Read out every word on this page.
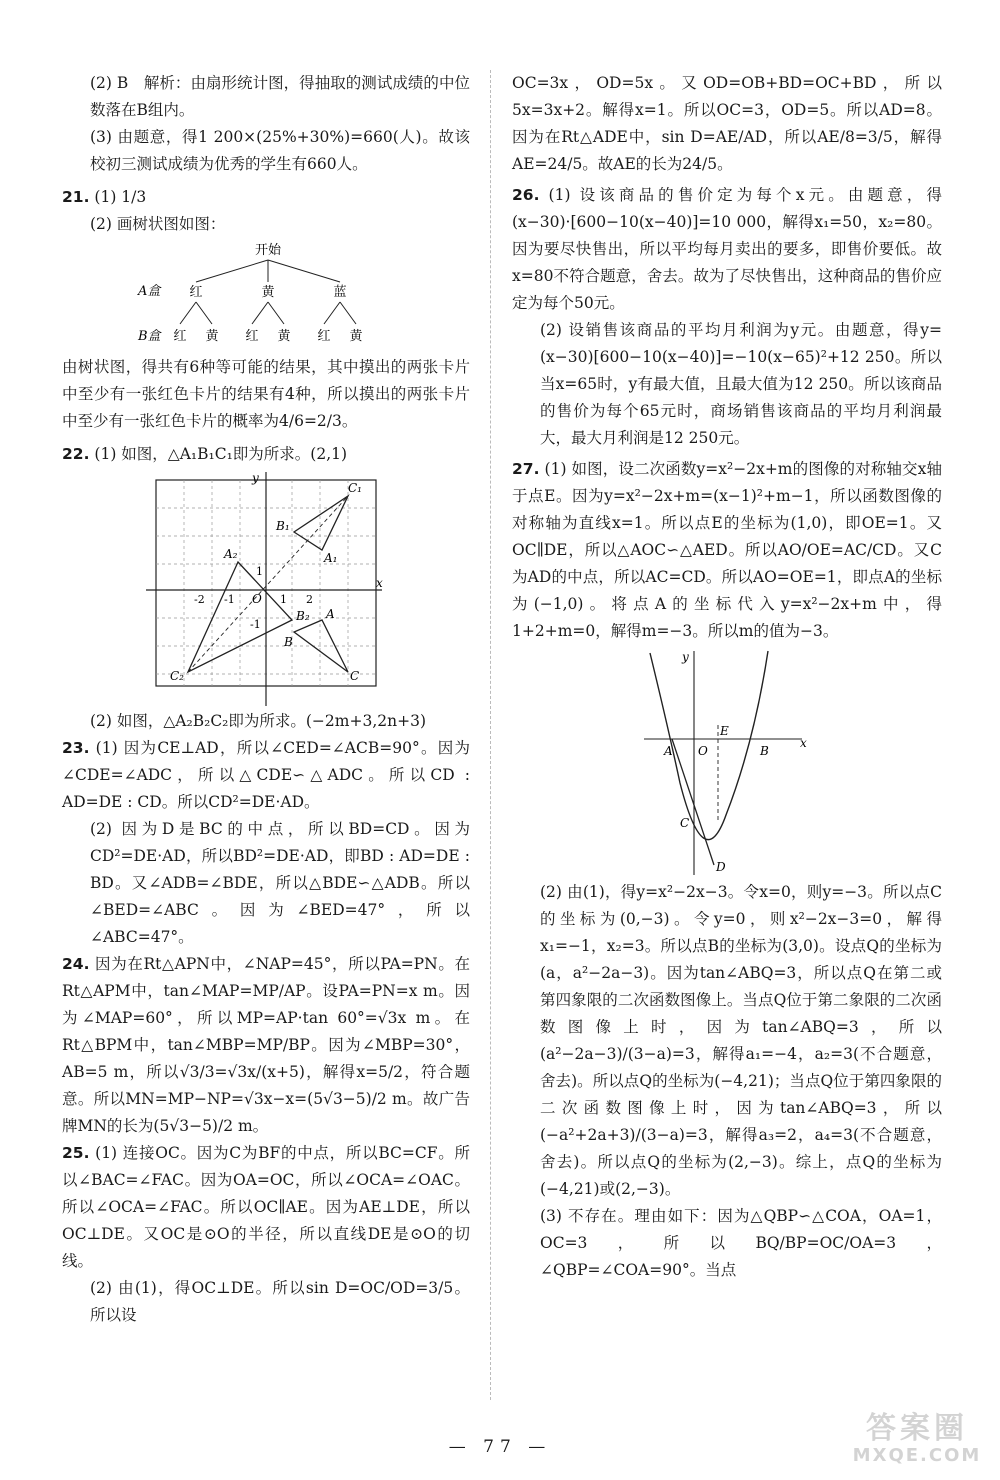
(2) B　解析：由扇形统计图，得抽取的测试成绩的中位数落在B组内。

(3) 由题意，得1 200×(25%+30%)=660(人)。故该校初三测试成绩为优秀的学生有660人。

21. (1) 1/3

(2) 画树状图如图：

开始
A盒 红	黄	蓝
B盒 红 黄 红 黄 红 黄

由树状图，得共有6种等可能的结果，其中摸出的两张卡片中至少有一张红色卡片的结果有4种，所以摸出的两张卡片中至少有一张红色卡片的概率为4/6=2/3。

22. (1) 如图，△A₁B₁C₁即为所求。(2,1)

x
y
O 1 2
-1
-2
1
-1
A₂
B₂
C₂
A
B
C
A₁
B₁
C₁

(2) 如图，△A₂B₂C₂即为所求。(−2m+3,2n+3)

23. (1) 因为CE⊥AD，所以∠CED=∠ACB=90°。因为∠CDE=∠ADC，所以△CDE∽△ADC。所以CD : AD=DE : CD。所以CD²=DE·AD。

(2) 因为D是BC的中点，所以BD=CD。因为CD²=DE·AD，所以BD²=DE·AD，即BD : AD=DE : BD。又∠ADB=∠BDE，所以△BDE∽△ADB。所以∠BED=∠ABC。因为∠BED=47°，所以∠ABC=47°。

24. 因为在Rt△APN中，∠NAP=45°，所以PA=PN。在Rt△APM中，tan∠MAP=MP/AP。设PA=PN=x m。因为∠MAP=60°，所以MP=AP·tan 60°=√3x m。在Rt△BPM中，tan∠MBP=MP/BP。因为∠MBP=30°，AB=5 m，所以√3/3=√3x/(x+5)，解得x=5/2，符合题意。所以MN=MP−NP=√3x−x=(5√3−5)/2 m。故广告牌MN的长为(5√3−5)/2 m。

25. (1) 连接OC。因为C为BF的中点，所以BC=CF。所以∠BAC=∠FAC。因为OA=OC，所以∠OCA=∠OAC。所以∠OCA=∠FAC。所以OC∥AE。因为AE⊥DE，所以OC⊥DE。又OC是⊙O的半径，所以直线DE是⊙O的切线。

(2) 由(1)，得OC⊥DE。所以sin D=OC/OD=3/5。所以设

OC=3x，OD=5x。又OD=OB+BD=OC+BD，所以5x=3x+2。解得x=1。所以OC=3，OD=5。所以AD=8。因为在Rt△ADE中，sin D=AE/AD，所以AE/8=3/5，解得AE=24/5。故AE的长为24/5。

26. (1) 设该商品的售价定为每个x元。由题意，得(x−30)·[600−10(x−40)]=10 000，解得x₁=50，x₂=80。因为要尽快售出，所以平均每月卖出的要多，即售价要低。故x=80不符合题意，舍去。故为了尽快售出，这种商品的售价应定为每个50元。

(2) 设销售该商品的平均月利润为y元。由题意，得y=(x−30)[600−10(x−40)]=−10(x−65)²+12 250。所以当x=65时，y有最大值，且最大值为12 250。所以该商品的售价为每个65元时，商场销售该商品的平均月利润最大，最大月利润是12 250元。

27. (1) 如图，设二次函数y=x²−2x+m的图像的对称轴交x轴于点E。因为y=x²−2x+m=(x−1)²+m−1，所以函数图像的对称轴为直线x=1。所以点E的坐标为(1,0)，即OE=1。又OC∥DE，所以△AOC∽△AED。所以AO/OE=AC/CD。又C为AD的中点，所以AC=CD。所以AO=OE=1，即点A的坐标为(−1,0)。将点A的坐标代入y=x²−2x+m中，得1+2+m=0，解得m=−3。所以m的值为−3。

x
y
A O
E
B
C
D

(2) 由(1)，得y=x²−2x−3。令x=0，则y=−3。所以点C的坐标为(0,−3)。令y=0，则x²−2x−3=0，解得x₁=−1，x₂=3。所以点B的坐标为(3,0)。设点Q的坐标为(a，a²−2a−3)。因为tan∠ABQ=3，所以点Q在第二或第四象限的二次函数图像上。当点Q位于第二象限的二次函数图像上时，因为tan∠ABQ=3，所以(a²−2a−3)/(3−a)=3，解得a₁=−4，a₂=3(不合题意，舍去)。所以点Q的坐标为(−4,21)；当点Q位于第四象限的二次函数图像上时，因为tan∠ABQ=3，所以(−a²+2a+3)/(3−a)=3，解得a₃=2，a₄=3(不合题意，舍去)。所以点Q的坐标为(2,−3)。综上，点Q的坐标为(−4,21)或(2,−3)。

(3) 不存在。理由如下：因为△QBP∽△COA，OA=1，OC=3，所以BQ/BP=OC/OA=3，∠QBP=∠COA=90°。当点

— 77 —
答案圈
MXQE.COM
